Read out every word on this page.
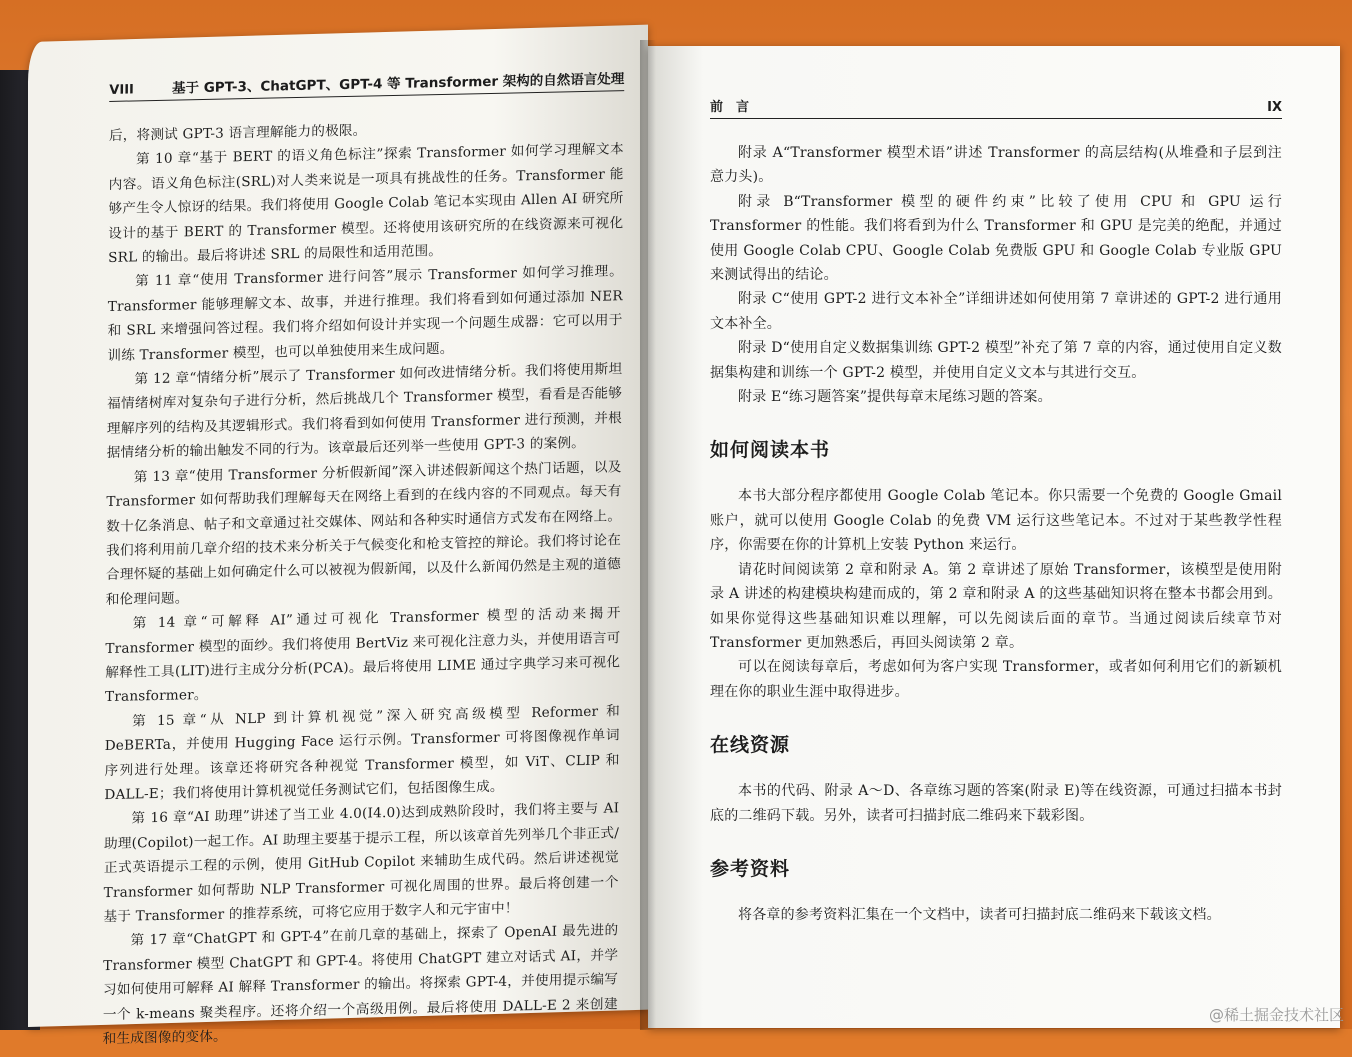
VIII	基于 GPT-3、ChatGPT、GPT-4 等 Transformer 架构的自然语言处理

后，将测试 GPT-3 语言理解能力的极限。

第 10 章“基于 BERT 的语义角色标注”探索 Transformer 如何学习理解文本内容。语义角色标注(SRL)对人类来说是一项具有挑战性的任务。Transformer 能够产生令人惊讶的结果。我们将使用 Google Colab 笔记本实现由 Allen AI 研究所设计的基于 BERT 的 Transformer 模型。还将使用该研究所的在线资源来可视化 SRL 的输出。最后将讲述 SRL 的局限性和适用范围。

第 11 章“使用 Transformer 进行问答”展示 Transformer 如何学习推理。Transformer 能够理解文本、故事，并进行推理。我们将看到如何通过添加 NER 和 SRL 来增强问答过程。我们将介绍如何设计并实现一个问题生成器：它可以用于训练 Transformer 模型，也可以单独使用来生成问题。

第 12 章“情绪分析”展示了 Transformer 如何改进情绪分析。我们将使用斯坦福情绪树库对复杂句子进行分析，然后挑战几个 Transformer 模型，看看是否能够理解序列的结构及其逻辑形式。我们将看到如何使用 Transformer 进行预测，并根据情绪分析的输出触发不同的行为。该章最后还列举一些使用 GPT-3 的案例。

第 13 章“使用 Transformer 分析假新闻”深入讲述假新闻这个热门话题，以及 Transformer 如何帮助我们理解每天在网络上看到的在线内容的不同观点。每天有数十亿条消息、帖子和文章通过社交媒体、网站和各种实时通信方式发布在网络上。我们将利用前几章介绍的技术来分析关于气候变化和枪支管控的辩论。我们将讨论在合理怀疑的基础上如何确定什么可以被视为假新闻，以及什么新闻仍然是主观的道德和伦理问题。

第 14 章“可解释 AI”通过可视化 Transformer 模型的活动来揭开 Transformer 模型的面纱。我们将使用 BertViz 来可视化注意力头，并使用语言可解释性工具(LIT)进行主成分分析(PCA)。最后将使用 LIME 通过字典学习来可视化 Transformer。

第 15 章“从 NLP 到计算机视觉”深入研究高级模型 Reformer 和 DeBERTa，并使用 Hugging Face 运行示例。Transformer 可将图像视作单词序列进行处理。该章还将研究各种视觉 Transformer 模型，如 ViT、CLIP 和 DALL-E；我们将使用计算机视觉任务测试它们，包括图像生成。

第 16 章“AI 助理”讲述了当工业 4.0(I4.0)达到成熟阶段时，我们将主要与 AI 助理(Copilot)一起工作。AI 助理主要基于提示工程，所以该章首先列举几个非正式/正式英语提示工程的示例，使用 GitHub Copilot 来辅助生成代码。然后讲述视觉 Transformer 如何帮助 NLP Transformer 可视化周围的世界。最后将创建一个基于 Transformer 的推荐系统，可将它应用于数字人和元宇宙中！

第 17 章“ChatGPT 和 GPT-4”在前几章的基础上，探索了 OpenAI 最先进的 Transformer 模型 ChatGPT 和 GPT-4。将使用 ChatGPT 建立对话式 AI，并学习如何使用可解释 AI 解释 Transformer 的输出。将探索 GPT-4，并使用提示编写一个 k-means 聚类程序。还将介绍一个高级用例。最后将使用 DALL-E 2 来创建和生成图像的变体。

前　言	IX

附录 A“Transformer 模型术语”讲述 Transformer 的高层结构(从堆叠和子层到注意力头)。

附录 B“Transformer 模型的硬件约束”比较了使用 CPU 和 GPU 运行 Transformer 的性能。我们将看到为什么 Transformer 和 GPU 是完美的绝配，并通过使用 Google Colab CPU、Google Colab 免费版 GPU 和 Google Colab 专业版 GPU 来测试得出的结论。

附录 C“使用 GPT-2 进行文本补全”详细讲述如何使用第 7 章讲述的 GPT-2 进行通用文本补全。

附录 D“使用自定义数据集训练 GPT-2 模型”补充了第 7 章的内容，通过使用自定义数据集构建和训练一个 GPT-2 模型，并使用自定义文本与其进行交互。

附录 E“练习题答案”提供每章末尾练习题的答案。

如何阅读本书

本书大部分程序都使用 Google Colab 笔记本。你只需要一个免费的 Google Gmail 账户，就可以使用 Google Colab 的免费 VM 运行这些笔记本。不过对于某些教学性程序，你需要在你的计算机上安装 Python 来运行。

请花时间阅读第 2 章和附录 A。第 2 章讲述了原始 Transformer，该模型是使用附录 A 讲述的构建模块构建而成的，第 2 章和附录 A 的这些基础知识将在整本书都会用到。如果你觉得这些基础知识难以理解，可以先阅读后面的章节。当通过阅读后续章节对 Transformer 更加熟悉后，再回头阅读第 2 章。

可以在阅读每章后，考虑如何为客户实现 Transformer，或者如何利用它们的新颖机理在你的职业生涯中取得进步。

在线资源

本书的代码、附录 A～D、各章练习题的答案(附录 E)等在线资源，可通过扫描本书封底的二维码下载。另外，读者可扫描封底二维码来下载彩图。

参考资料

将各章的参考资料汇集在一个文档中，读者可扫描封底二维码来下载该文档。

@稀土掘金技术社区
